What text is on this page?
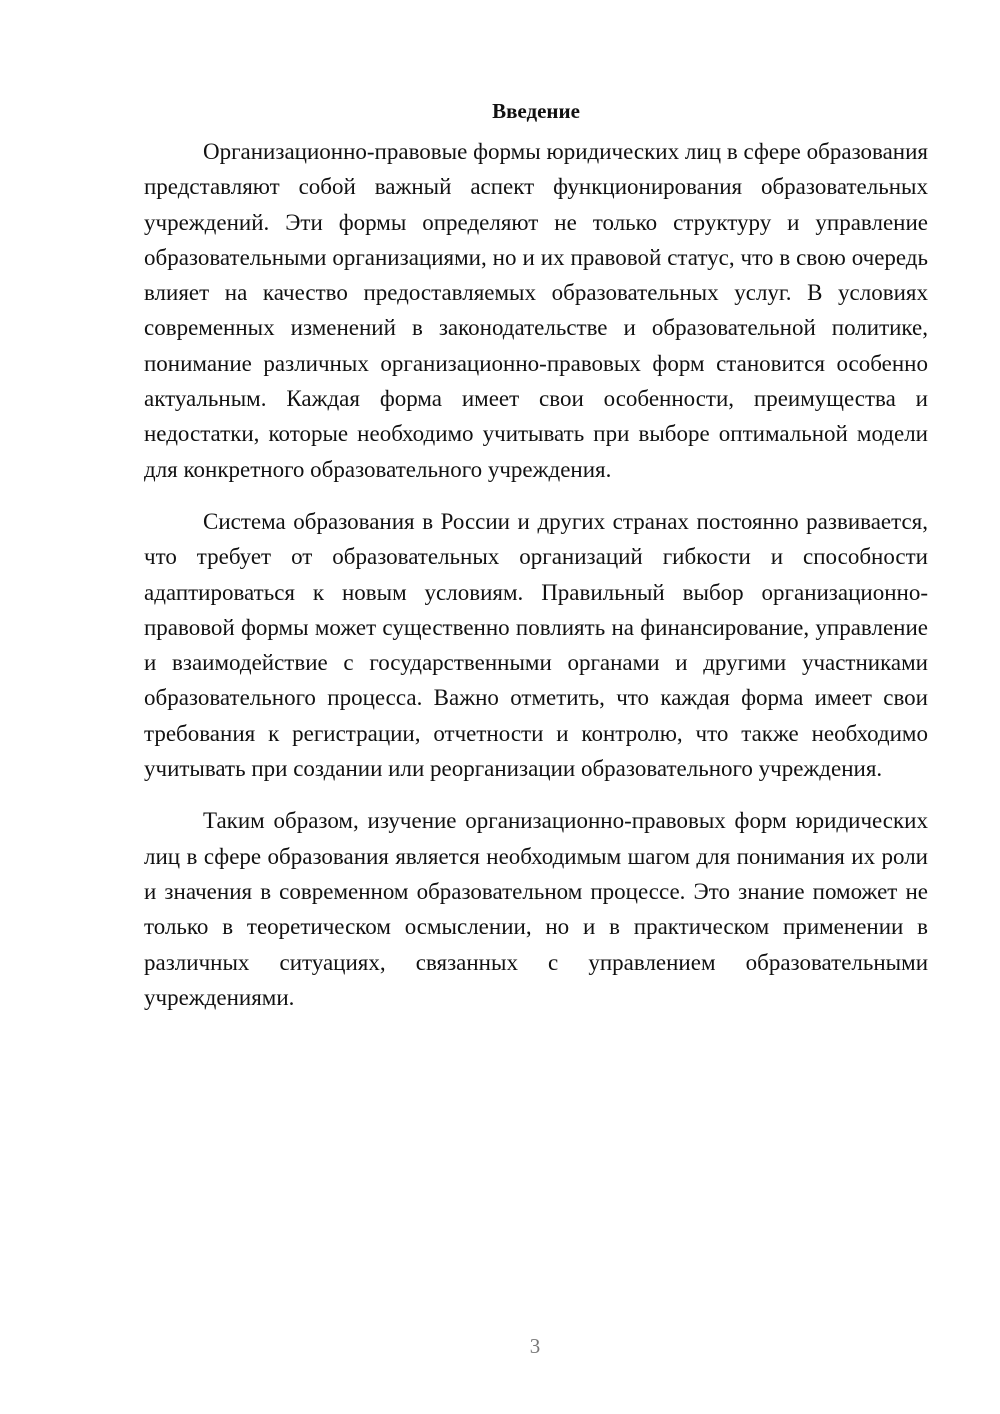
Введение

Организационно-правовые формы юридических лиц в сфере образования представляют собой важный аспект функционирования образовательных учреждений. Эти формы определяют не только структуру и управление образовательными организациями, но и их правовой статус, что в свою очередь влияет на качество предоставляемых образовательных услуг. В условиях современных изменений в законодательстве и образовательной политике, понимание различных организационно-правовых форм становится особенно актуальным. Каждая форма имеет свои особенности, преимущества и недостатки, которые необходимо учитывать при выборе оптимальной модели для конкретного образовательного учреждения.

Система образования в России и других странах постоянно развивается, что требует от образовательных организаций гибкости и способности адаптироваться к новым условиям. Правильный выбор организационно-правовой формы может существенно повлиять на финансирование, управление и взаимодействие с государственными органами и другими участниками образовательного процесса. Важно отметить, что каждая форма имеет свои требования к регистрации, отчетности и контролю, что также необходимо учитывать при создании или реорганизации образовательного учреждения.

Таким образом, изучение организационно-правовых форм юридических лиц в сфере образования является необходимым шагом для понимания их роли и значения в современном образовательном процессе. Это знание поможет не только в теоретическом осмыслении, но и в практическом применении в различных ситуациях, связанных с управлением образовательными учреждениями.

3
